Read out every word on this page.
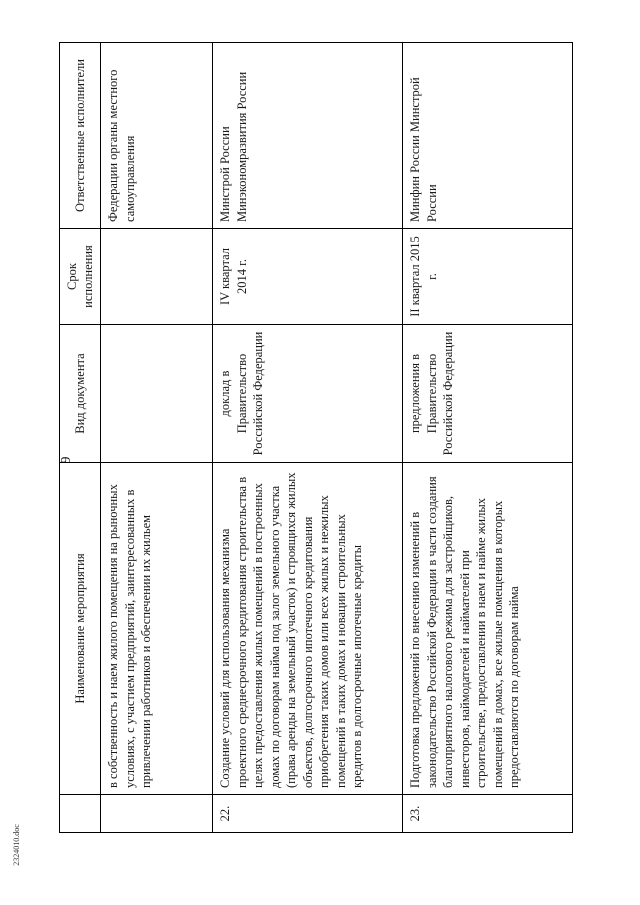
9
2324010.doc
	Наименование мероприятия	Вид документа	Срок исполнения	Ответственные исполнители
	в собственность и наем жилого помещения на рыночных условиях, с участием предприятий, заинтересованных в привлечении работников и обеспечении их жильем			Федерации органы местного самоуправления
22.	Создание условий для использования механизма проектного среднесрочного кредитования строительства в целях предоставления жилых помещений в построенных домах по договорам найма под залог земельного участка (права аренды на земельный участок) и строящихся жилых объектов, долгосрочного ипотечного кредитования приобретения таких домов или всех жилых и нежилых помещений в таких домах и новации строительных кредитов в долгосрочные ипотечные кредиты	доклад в Правительство Российской Федерации	IV квартал 2014 г.	Минстрой России Минэкономразвития России
23.	Подготовка предложений по внесению изменений в законодательство Российской Федерации в части создания благоприятного налогового режима для застройщиков, инвесторов, наймодателей и наймателей при строительстве, предоставлении в наем и найме жилых помещений в домах, все жилые помещения в которых предоставляются по договорам найма	предложения в Правительство Российской Федерации	II квартал 2015 г.	Минфин России Минстрой России
